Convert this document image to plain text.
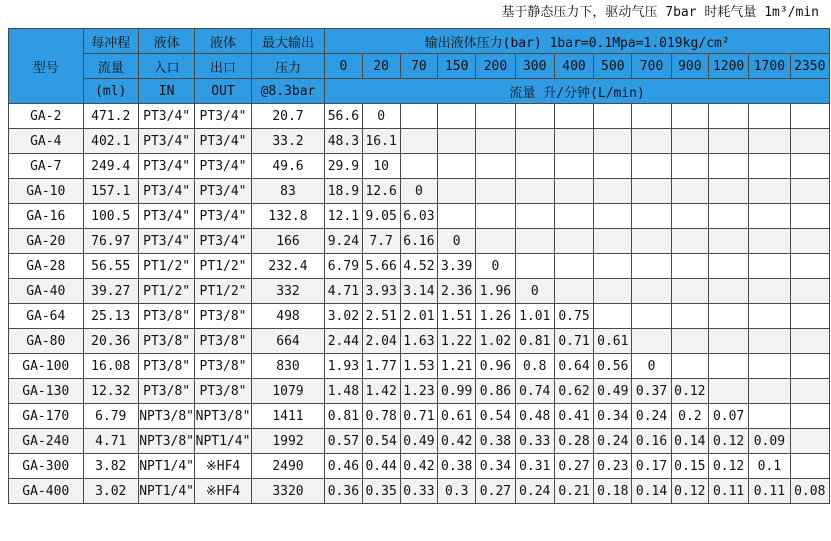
基于静态压力下，驱动气压 7bar 时耗气量 1m³/min
型号	每冲程	液体	液体	最大输出	输出液体压力(bar) 1bar=0.1Mpa=1.019kg/cm²												
	流量	入口	出口	压力	0	20	70	150	200	300	400	500	700	900	1200	1700	2350
	(ml)	IN	OUT	@8.3bar	流量 升/分钟(L/min)												
GA-2	471.2	PT3/4"	PT3/4"	20.7	56.6	0											
GA-4	402.1	PT3/4"	PT3/4"	33.2	48.3	16.1											
GA-7	249.4	PT3/4"	PT3/4"	49.6	29.9	10											
GA-10	157.1	PT3/4"	PT3/4"	83	18.9	12.6	0										
GA-16	100.5	PT3/4"	PT3/4"	132.8	12.1	9.05	6.03										
GA-20	76.97	PT3/4"	PT3/4"	166	9.24	7.7	6.16	0									
GA-28	56.55	PT1/2"	PT1/2"	232.4	6.79	5.66	4.52	3.39	0								
GA-40	39.27	PT1/2"	PT1/2"	332	4.71	3.93	3.14	2.36	1.96	0							
GA-64	25.13	PT3/8"	PT3/8"	498	3.02	2.51	2.01	1.51	1.26	1.01	0.75						
GA-80	20.36	PT3/8"	PT3/8"	664	2.44	2.04	1.63	1.22	1.02	0.81	0.71	0.61					
GA-100	16.08	PT3/8"	PT3/8"	830	1.93	1.77	1.53	1.21	0.96	0.8	0.64	0.56	0				
GA-130	12.32	PT3/8"	PT3/8"	1079	1.48	1.42	1.23	0.99	0.86	0.74	0.62	0.49	0.37	0.12			
GA-170	6.79	NPT3/8"	NPT3/8"	1411	0.81	0.78	0.71	0.61	0.54	0.48	0.41	0.34	0.24	0.2	0.07		
GA-240	4.71	NPT3/8"	NPT1/4"	1992	0.57	0.54	0.49	0.42	0.38	0.33	0.28	0.24	0.16	0.14	0.12	0.09	
GA-300	3.82	NPT1/4"	※HF4	2490	0.46	0.44	0.42	0.38	0.34	0.31	0.27	0.23	0.17	0.15	0.12	0.1	
GA-400	3.02	NPT1/4"	※HF4	3320	0.36	0.35	0.33	0.3	0.27	0.24	0.21	0.18	0.14	0.12	0.11	0.11	0.08
